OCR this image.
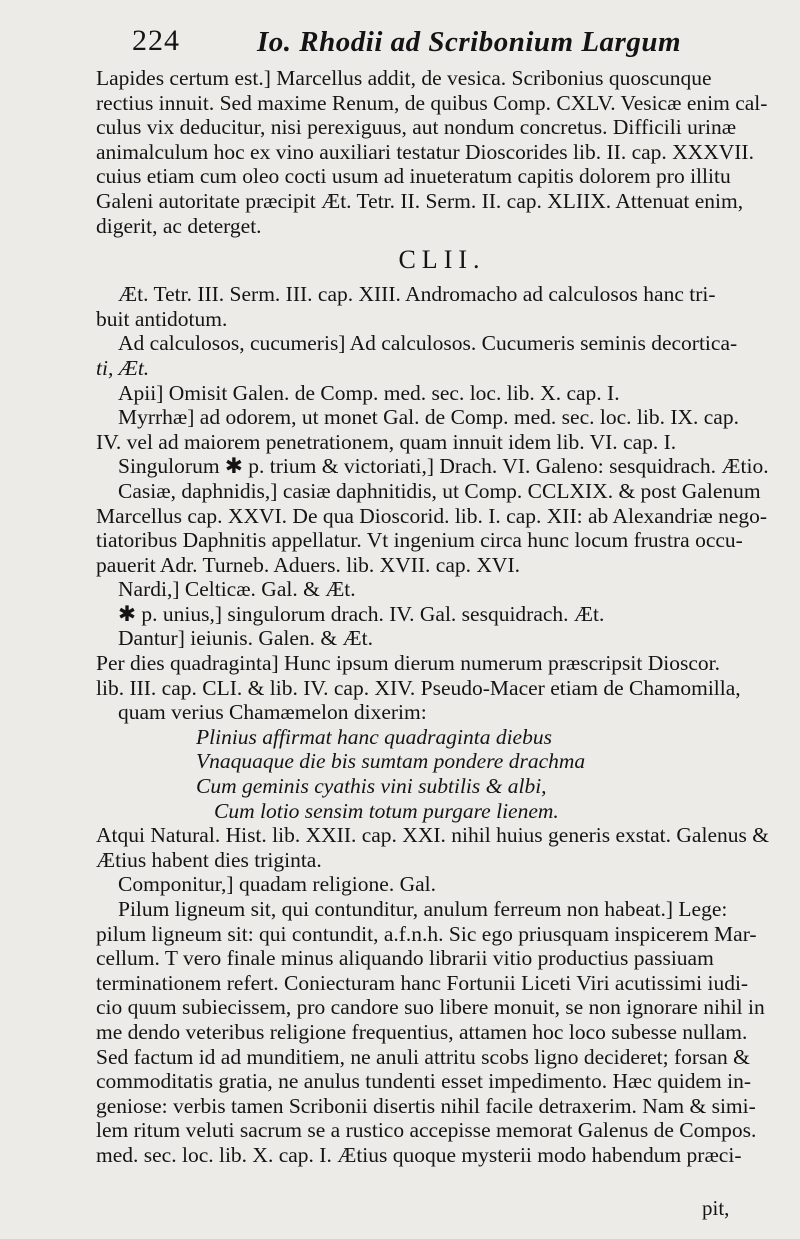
224	Io. Rhodii ad Scribonium Largum
Lapides certum est.] Marcellus addit, de vesica. Scribonius quoscunque
rectius innuit. Sed maxime Renum, de quibus Comp. CXLV. Vesicæ enim cal-
culus vix deducitur, nisi perexiguus, aut nondum concretus. Difficili urinæ
animalculum hoc ex vino auxiliari testatur Dioscorides lib. II. cap. XXXVII.
cuius etiam cum oleo cocti usum ad inueteratum capitis dolorem pro illitu
Galeni autoritate præcipit Æt. Tetr. II. Serm. II. cap. XLIIX. Attenuat enim,
digerit, ac deterget.
CLII.
Æt. Tetr. III. Serm. III. cap. XIII. Andromacho ad calculosos hanc tri-
buit antidotum.
Ad calculosos, cucumeris] Ad calculosos. Cucumeris seminis decortica-
ti, Æt.
Apii] Omisit Galen. de Comp. med. sec. loc. lib. X. cap. I.
Myrrhæ] ad odorem, ut monet Gal. de Comp. med. sec. loc. lib. IX. cap.
IV. vel ad maiorem penetrationem, quam innuit idem lib. VI. cap. I.
Singulorum ✱ p. trium & victoriati,] Drach. VI. Galeno: sesquidrach. Ætio.
Casiæ, daphnidis,] casiæ daphnitidis, ut Comp. CCLXIX. & post Galenum
Marcellus cap. XXVI. De qua Dioscorid. lib. I. cap. XII: ab Alexandriæ nego-
tiatoribus Daphnitis appellatur. Vt ingenium circa hunc locum frustra occu-
pauerit Adr. Turneb. Aduers. lib. XVII. cap. XVI.
Nardi,] Celticæ. Gal. & Æt.
✱ p. unius,] singulorum drach. IV. Gal. sesquidrach. Æt.
Dantur] ieiunis. Galen. & Æt.
Per dies quadraginta] Hunc ipsum dierum numerum præscripsit Dioscor.
lib. III. cap. CLI. & lib. IV. cap. XIV. Pseudo-Macer etiam de Chamomilla,
quam verius Chamæmelon dixerim:
Plinius affirmat hanc quadraginta diebus
Vnaquaque die bis sumtam pondere drachma
Cum geminis cyathis vini subtilis & albi,
Cum lotio sensim totum purgare lienem.
Atqui Natural. Hist. lib. XXII. cap. XXI. nihil huius generis exstat. Galenus &
Ætius habent dies triginta.
Componitur,] quadam religione. Gal.
Pilum ligneum sit, qui contunditur, anulum ferreum non habeat.] Lege:
pilum ligneum sit: qui contundit, a.f.n.h. Sic ego priusquam inspicerem Mar-
cellum. T vero finale minus aliquando librarii vitio productius passiuam
terminationem refert. Coniecturam hanc Fortunii Liceti Viri acutissimi iudi-
cio quum subiecissem, pro candore suo libere monuit, se non ignorare nihil in
me dendo veteribus religione frequentius, attamen hoc loco subesse nullam.
Sed factum id ad munditiem, ne anuli attritu scobs ligno decideret; forsan &
commoditatis gratia, ne anulus tundenti esset impedimento. Hæc quidem in-
geniose: verbis tamen Scribonii disertis nihil facile detraxerim. Nam & simi-
lem ritum veluti sacrum se a rustico accepisse memorat Galenus de Compos.
med. sec. loc. lib. X. cap. I. Ætius quoque mysterii modo habendum præci-
pit,
